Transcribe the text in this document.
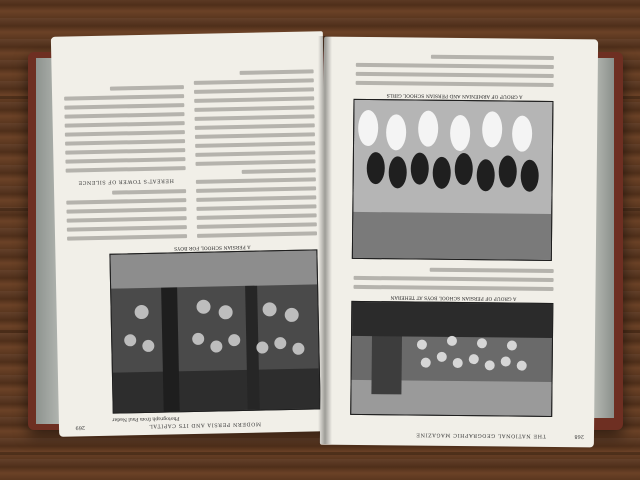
MODERN PERSIA AND ITS CAPITAL
269
A PERSIAN SCHOOL FOR BOYS
Photograph from Paul Nadar
HEREAT'S TOWER OF SILENCE
THE NATIONAL GEOGRAPHIC MAGAZINE	268
A GROUP OF PERSIAN SCHOOL BOYS AT TEHERAN
A GROUP OF ARMENIAN AND PERSIAN SCHOOL GIRLS
